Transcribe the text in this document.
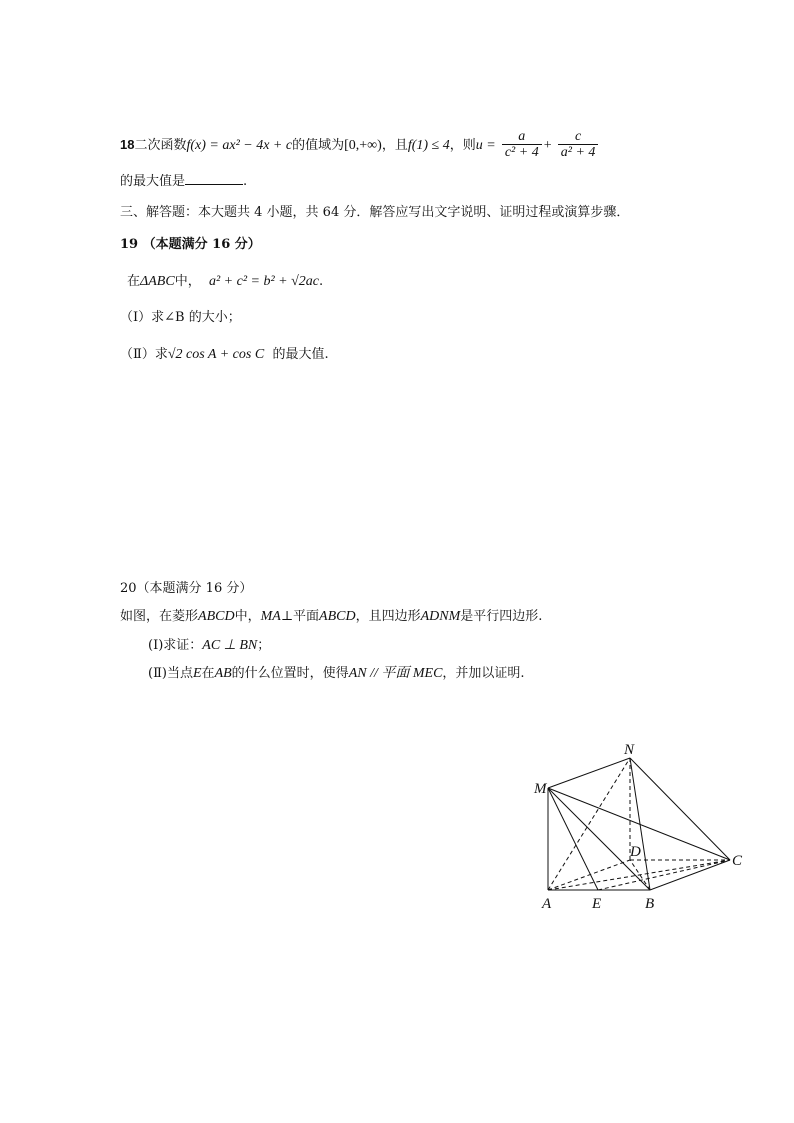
18二次函数f(x) = ax² − 4x + c的值域为[0,+∞)，且f(1) ≤ 4，则$u = \frac{a}{\text{c² + 4}} + \frac{c}{\text{a² + 4}}$
的最大值是	.
三、解答题：本大题共 4 小题，共 64 分．解答应写出文字说明、证明过程或演算步骤．
19 （本题满分 16 分）
在ΔABC中， a² + c² = b² + √2ac.
（Ⅰ）求∠B 的大小；
（Ⅱ）求√2 cos A + cos C 的最大值.
20（本题满分 16 分）
如图，在菱形ABCD中，MA⊥平面ABCD，且四边形ADNM是平行四边形.
(Ⅰ)求证：AC ⊥ BN；
(Ⅱ)当点E在AB的什么位置时，使得AN // 平面 MEC，并加以证明.
M
N
D
C
A	E	B
